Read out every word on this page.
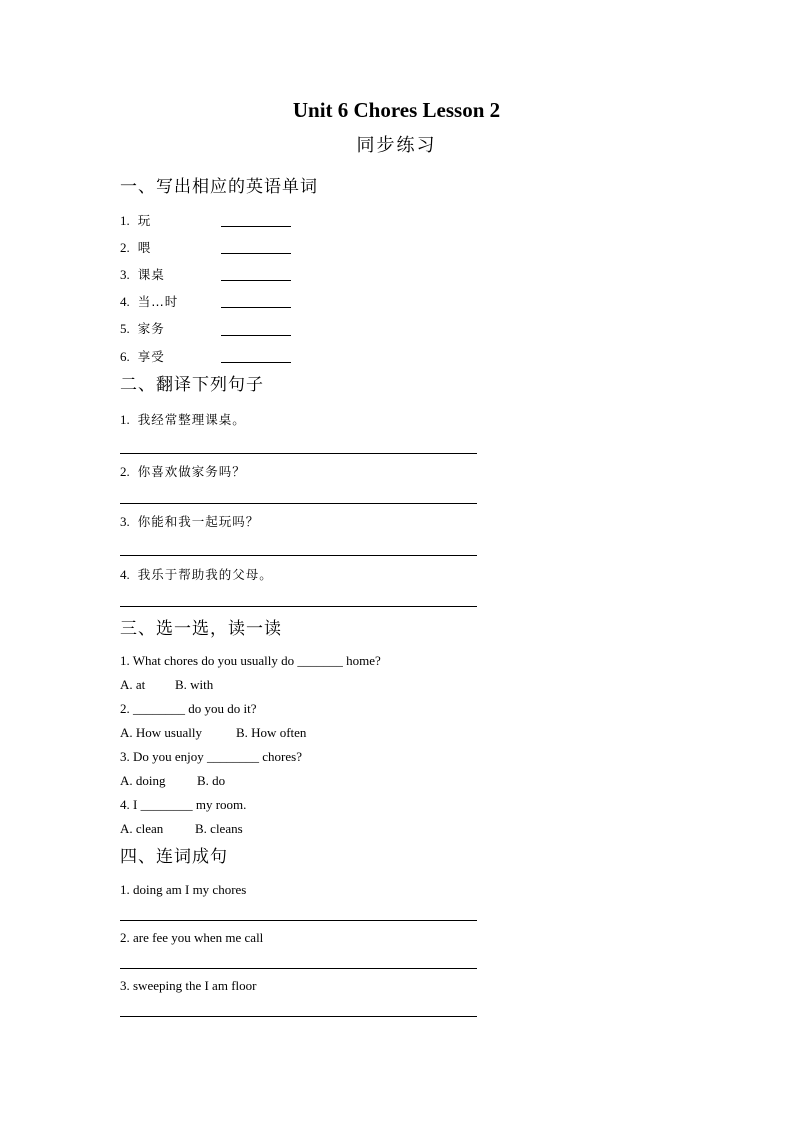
Unit 6 Chores Lesson 2
同步练习
一、写出相应的英语单词
1. 玩
2. 喂
3. 课桌
4. 当…时
5. 家务
6. 享受
二、翻译下列句子
1. 我经常整理课桌。
2. 你喜欢做家务吗？
3. 你能和我一起玩吗？
4. 我乐于帮助我的父母。
三、选一选，读一读
1. What chores do you usually do _______ home?
A. at B. with
2. ________ do you do it?
A. How usually	B. How often
3. Do you enjoy ________ chores?
A. doing B. do
4. I ________ my room.
A. clean B. cleans
四、连词成句
1. doing am I my chores
2. are fee you when me call
3. sweeping the I am floor
